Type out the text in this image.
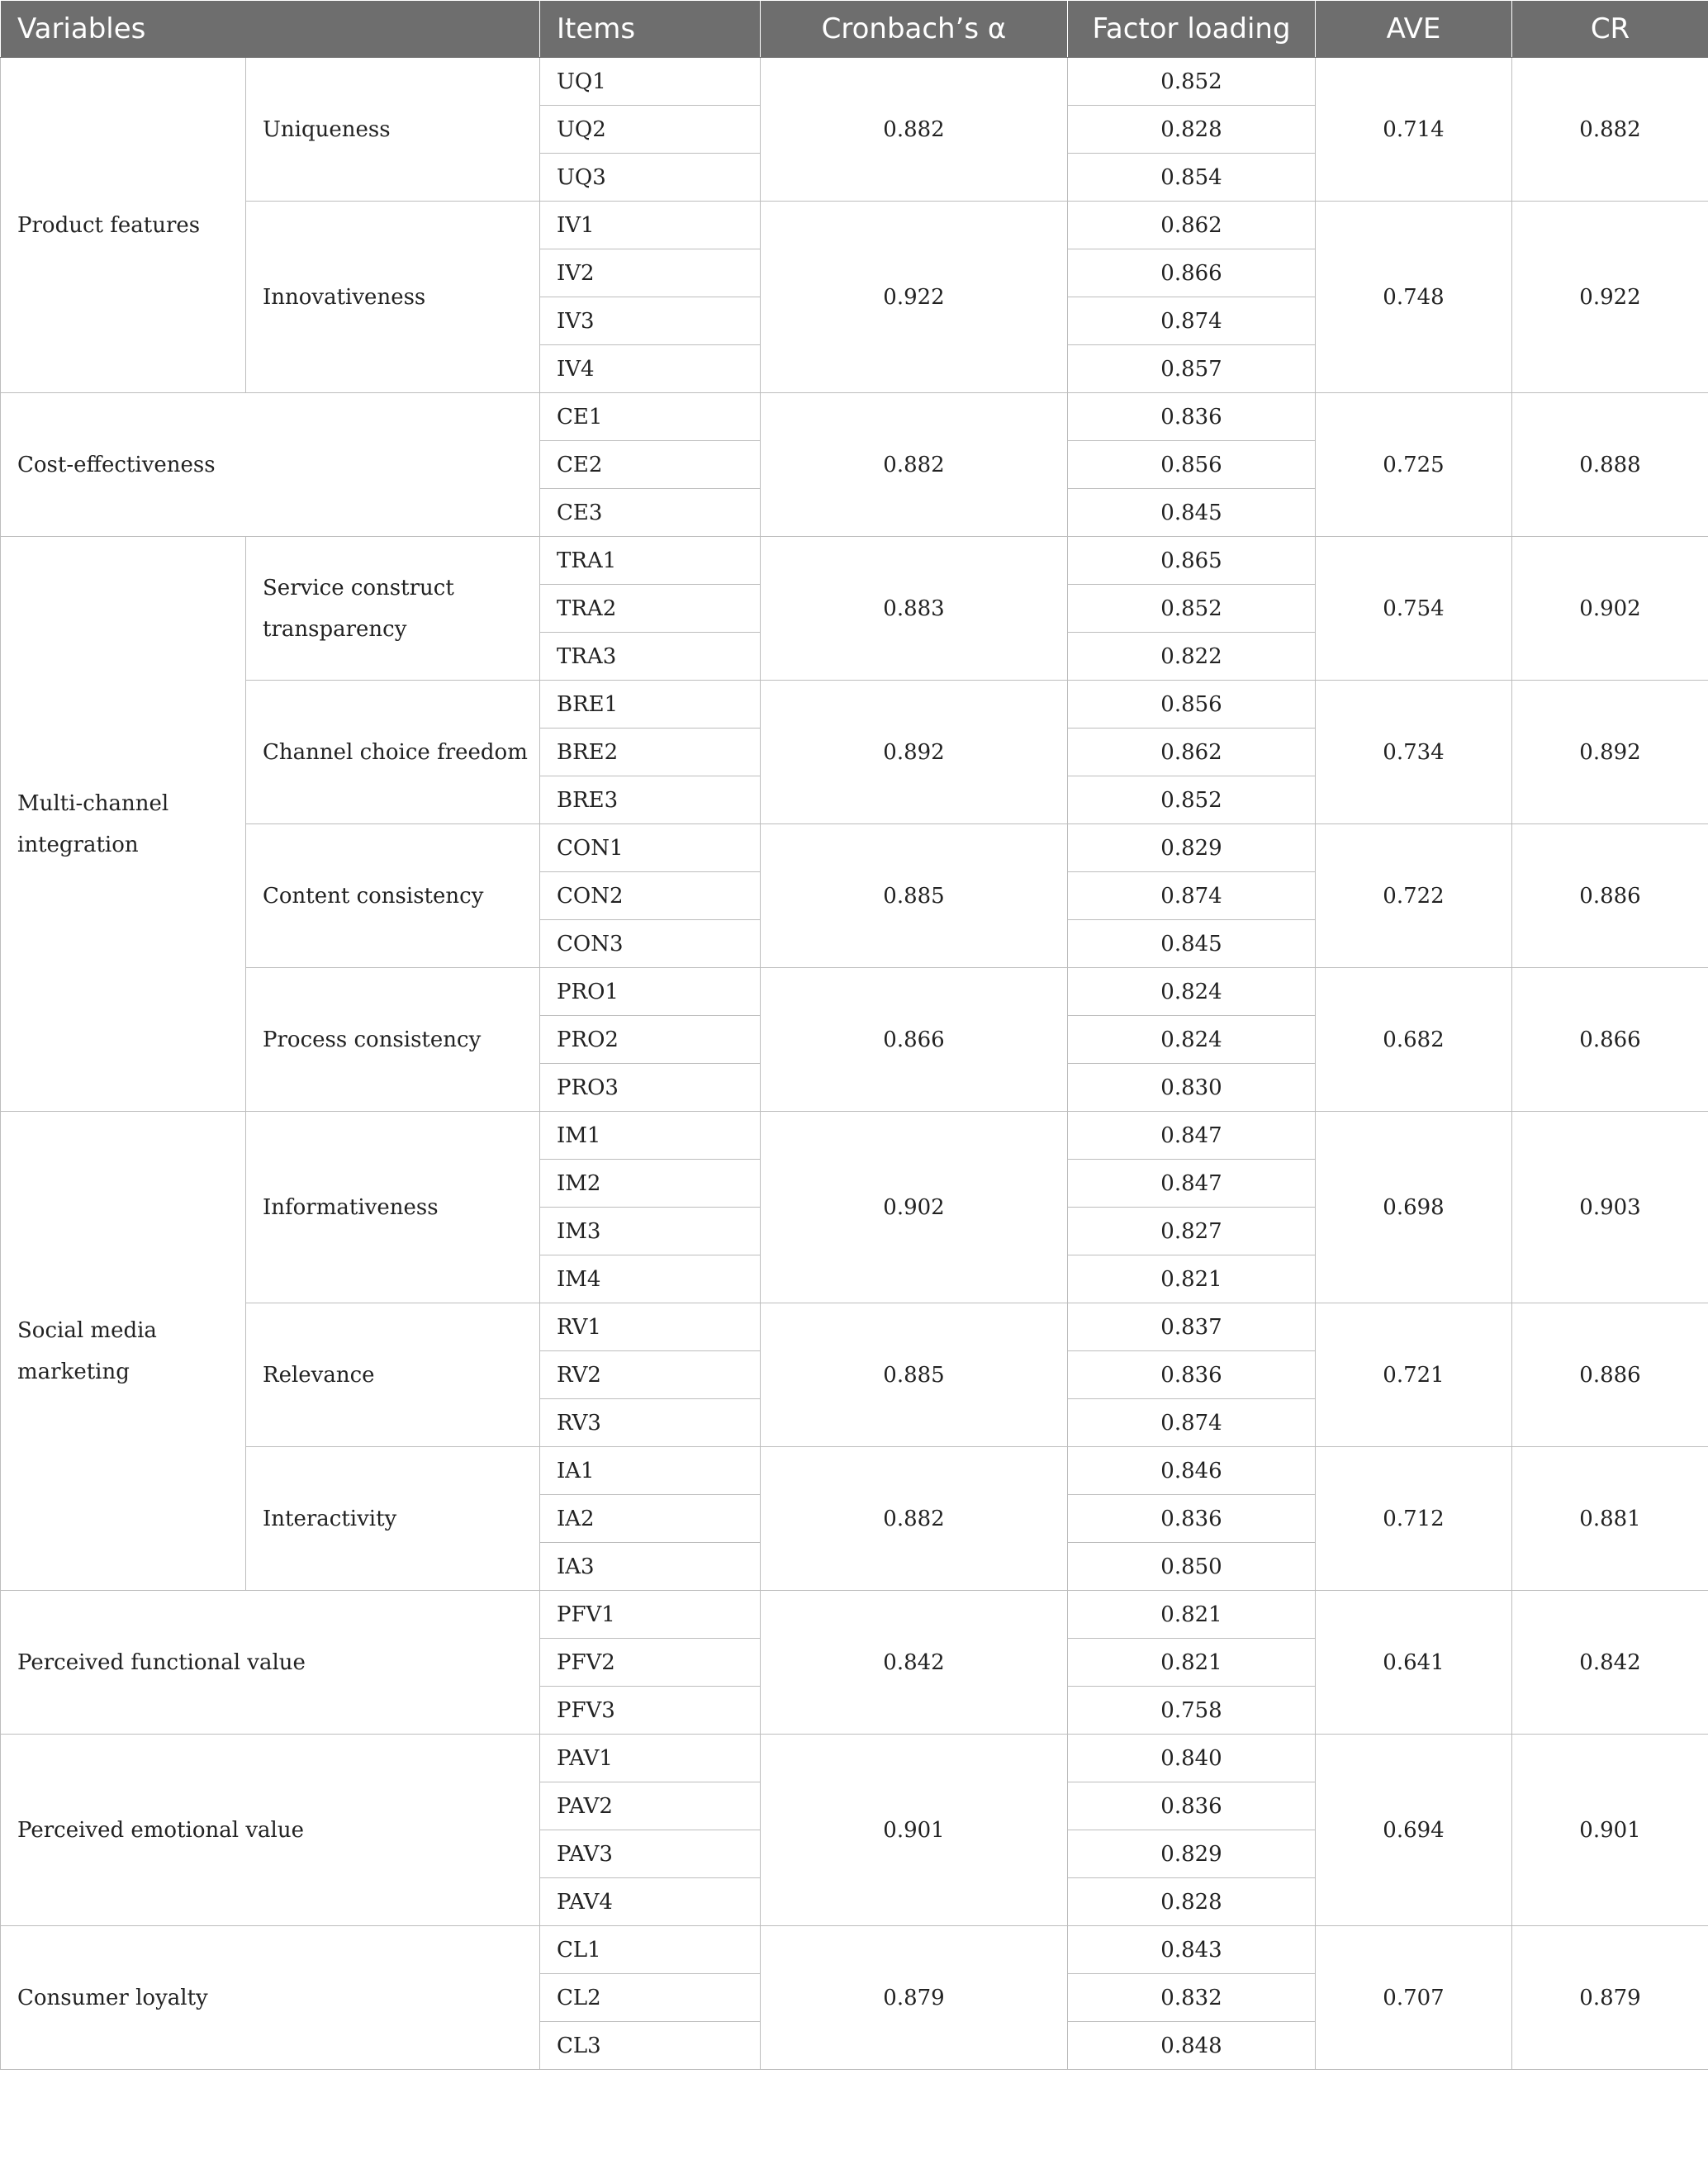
Variables		Items	Cronbach’s α	Factor loading	AVE	CR
Product features	Uniqueness	UQ1	0.882	0.852	0.714	0.882
		UQ2		0.828		
		UQ3		0.854		
	Innovativeness	IV1	0.922	0.862	0.748	0.922
		IV2		0.866		
		IV3		0.874		
		IV4		0.857		
Cost-effectiveness		CE1	0.882	0.836	0.725	0.888
		CE2		0.856		
		CE3		0.845		
Multi-channel integration	Service construct transparency	TRA1	0.883	0.865	0.754	0.902
		TRA2		0.852		
		TRA3		0.822		
	Channel choice freedom	BRE1	0.892	0.856	0.734	0.892
		BRE2		0.862		
		BRE3		0.852		
	Content consistency	CON1	0.885	0.829	0.722	0.886
		CON2		0.874		
		CON3		0.845		
	Process consistency	PRO1	0.866	0.824	0.682	0.866
		PRO2		0.824		
		PRO3		0.830		
Social media marketing	Informativeness	IM1	0.902	0.847	0.698	0.903
		IM2		0.847		
		IM3		0.827		
		IM4		0.821		
	Relevance	RV1	0.885	0.837	0.721	0.886
		RV2		0.836		
		RV3		0.874		
	Interactivity	IA1	0.882	0.846	0.712	0.881
		IA2		0.836		
		IA3		0.850		
Perceived functional value		PFV1	0.842	0.821	0.641	0.842
		PFV2		0.821		
		PFV3		0.758		
Perceived emotional value		PAV1	0.901	0.840	0.694	0.901
		PAV2		0.836		
		PAV3		0.829		
		PAV4		0.828		
Consumer loyalty		CL1	0.879	0.843	0.707	0.879
		CL2		0.832		
		CL3		0.848		
